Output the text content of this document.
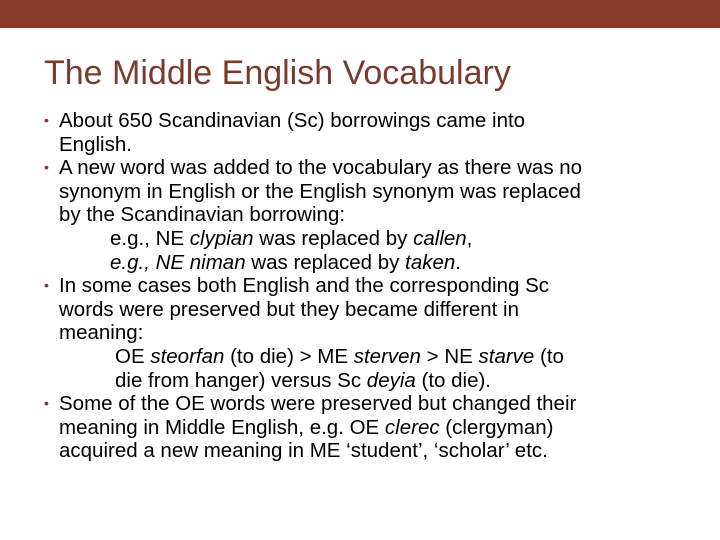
The Middle English Vocabulary
• About 650 Scandinavian (Sc) borrowings came into
English.
• A new word was added to the vocabulary as there was no
synonym in English or the English synonym was replaced
by the Scandinavian borrowing:
e.g., NE clypian was replaced by callen,
e.g., NE niman was replaced by taken.
• In some cases both English and the corresponding Sc
words were preserved but they became different in
meaning:
OE steorfan (to die) > ME sterven > NE starve (to
die from hanger) versus Sc deyia (to die).
• Some of the OE words were preserved but changed their
meaning in Middle English, e.g. OE clerec (clergyman)
acquired a new meaning in ME ‘student’, ‘scholar’ etc.
